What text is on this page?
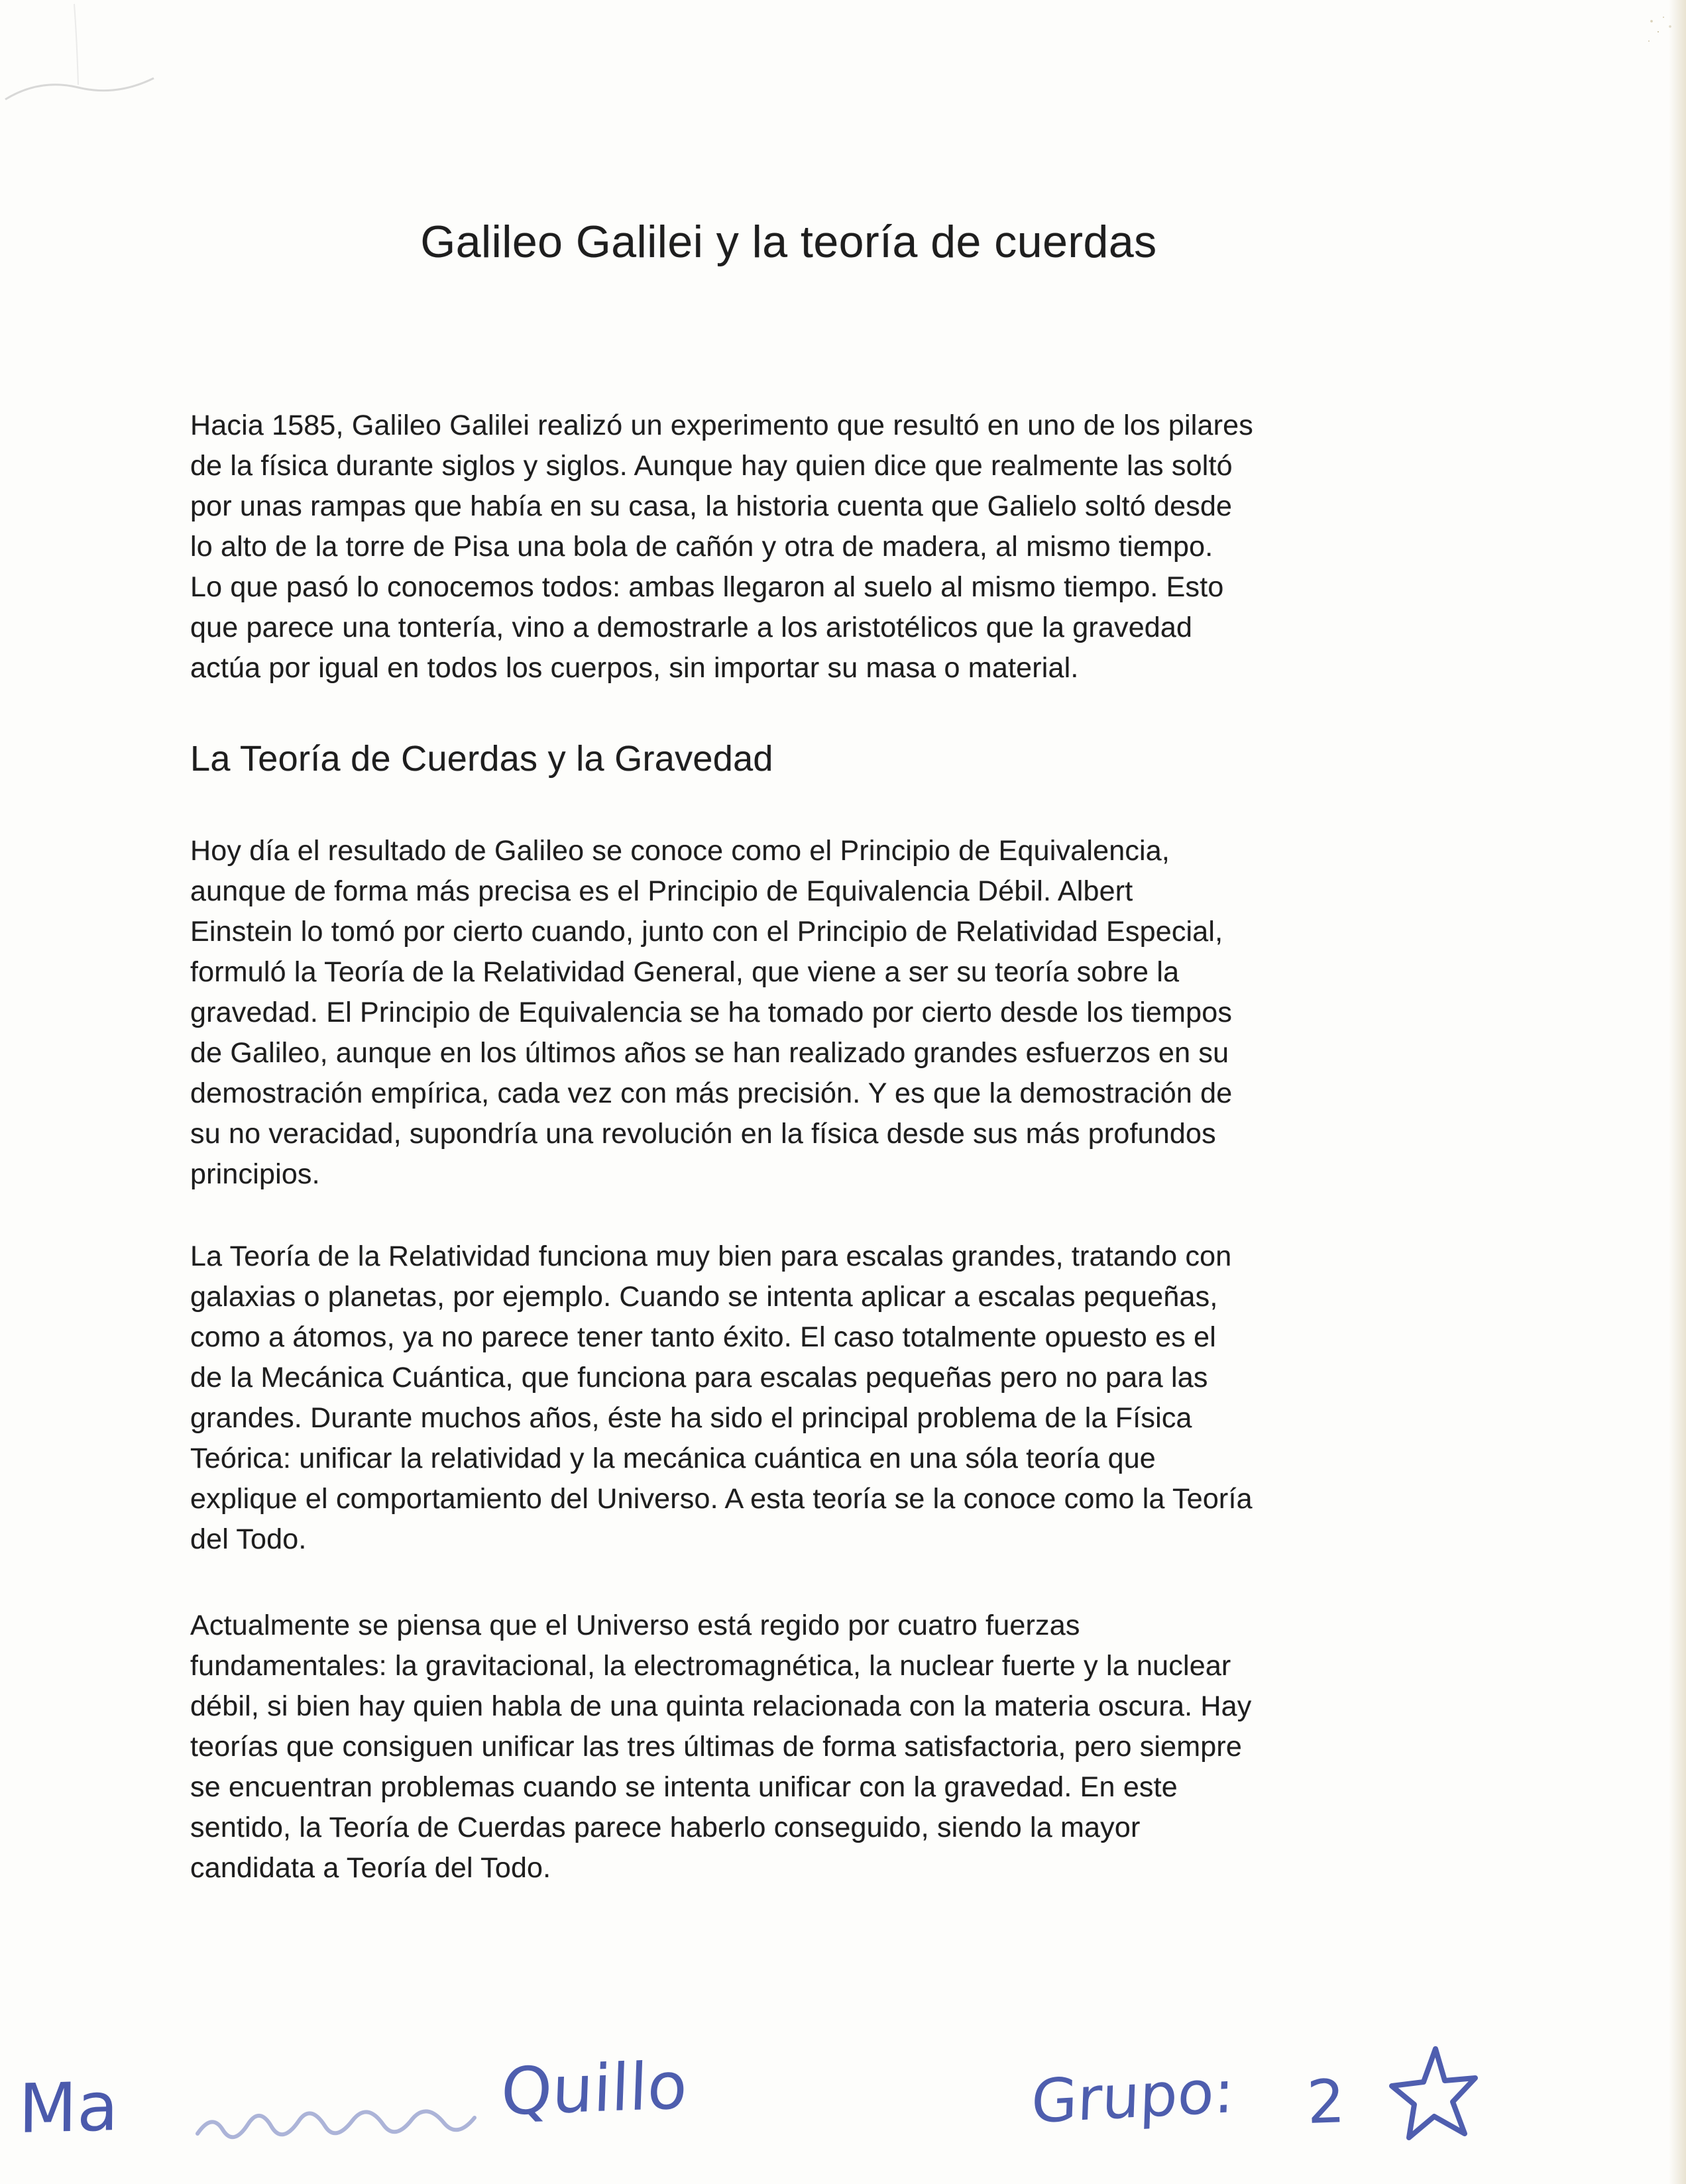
Galileo Galilei y la teoría de cuerdas
Hacia 1585, Galileo Galilei realizó un experimento que resultó en uno de los pilares
de la física durante siglos y siglos. Aunque hay quien dice que realmente las soltó
por unas rampas que había en su casa, la historia cuenta que Galielo soltó desde
lo alto de la torre de Pisa una bola de cañón y otra de madera, al mismo tiempo.
Lo que pasó lo conocemos todos: ambas llegaron al suelo al mismo tiempo. Esto
que parece una tontería, vino a demostrarle a los aristotélicos que la gravedad
actúa por igual en todos los cuerpos, sin importar su masa o material.
La Teoría de Cuerdas y la Gravedad
Hoy día el resultado de Galileo se conoce como el Principio de Equivalencia,
aunque de forma más precisa es el Principio de Equivalencia Débil. Albert
Einstein lo tomó por cierto cuando, junto con el Principio de Relatividad Especial,
formuló la Teoría de la Relatividad General, que viene a ser su teoría sobre la
gravedad. El Principio de Equivalencia se ha tomado por cierto desde los tiempos
de Galileo, aunque en los últimos años se han realizado grandes esfuerzos en su
demostración empírica, cada vez con más precisión. Y es que la demostración de
su no veracidad, supondría una revolución en la física desde sus más profundos
principios.
La Teoría de la Relatividad funciona muy bien para escalas grandes, tratando con
galaxias o planetas, por ejemplo. Cuando se intenta aplicar a escalas pequeñas,
como a átomos, ya no parece tener tanto éxito. El caso totalmente opuesto es el
de la Mecánica Cuántica, que funciona para escalas pequeñas pero no para las
grandes. Durante muchos años, éste ha sido el principal problema de la Física
Teórica: unificar la relatividad y la mecánica cuántica en una sóla teoría que
explique el comportamiento del Universo. A esta teoría se la conoce como la Teoría
del Todo.
Actualmente se piensa que el Universo está regido por cuatro fuerzas
fundamentales: la gravitacional, la electromagnética, la nuclear fuerte y la nuclear
débil, si bien hay quien habla de una quinta relacionada con la materia oscura. Hay
teorías que consiguen unificar las tres últimas de forma satisfactoria, pero siempre
se encuentran problemas cuando se intenta unificar con la gravedad. En este
sentido, la Teoría de Cuerdas parece haberlo conseguido, siendo la mayor
candidata a Teoría del Todo.
Ma	Quillo	Grupo: 2
